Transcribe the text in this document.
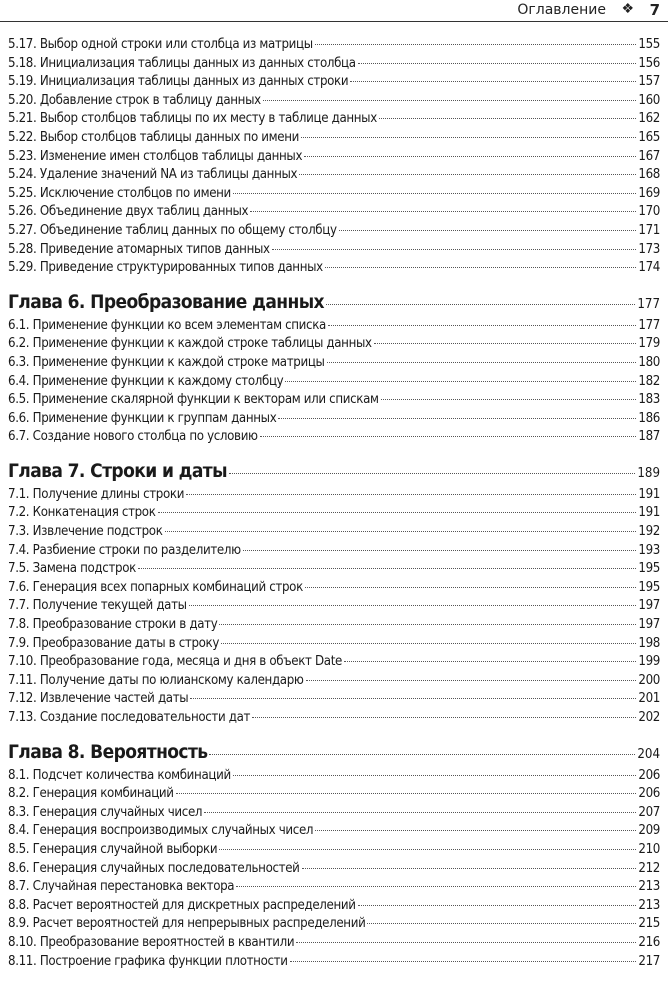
Оглавление ❖ 7
5.17. Выбор одной строки или столбца из матрицы	155
5.18. Инициализация таблицы данных из данных столбца	156
5.19. Инициализация таблицы данных из данных строки	157
5.20. Добавление строк в таблицу данных	160
5.21. Выбор столбцов таблицы по их месту в таблице данных	162
5.22. Выбор столбцов таблицы данных по имени	165
5.23. Изменение имен столбцов таблицы данных	167
5.24. Удаление значений NA из таблицы данных	168
5.25. Исключение столбцов по имени	169
5.26. Объединение двух таблиц данных	170
5.27. Объединение таблиц данных по общему столбцу	171
5.28. Приведение атомарных типов данных	173
5.29. Приведение структурированных типов данных	174
Глава 6. Преобразование данных	177
6.1. Применение функции ко всем элементам списка	177
6.2. Применение функции к каждой строке таблицы данных	179
6.3. Применение функции к каждой строке матрицы	180
6.4. Применение функции к каждому столбцу	182
6.5. Применение скалярной функции к векторам или спискам	183
6.6. Применение функции к группам данных	186
6.7. Создание нового столбца по условию	187
Глава 7. Строки и даты	189
7.1. Получение длины строки	191
7.2. Конкатенация строк	191
7.3. Извлечение подстрок	192
7.4. Разбиение строки по разделителю	193
7.5. Замена подстрок	195
7.6. Генерация всех попарных комбинаций строк	195
7.7. Получение текущей даты	197
7.8. Преобразование строки в дату	197
7.9. Преобразование даты в строку	198
7.10. Преобразование года, месяца и дня в объект Date	199
7.11. Получение даты по юлианскому календарю	200
7.12. Извлечение частей даты	201
7.13. Создание последовательности дат	202
Глава 8. Вероятность	204
8.1. Подсчет количества комбинаций	206
8.2. Генерация комбинаций	206
8.3. Генерация случайных чисел	207
8.4. Генерация воспроизводимых случайных чисел	209
8.5. Генерация случайной выборки	210
8.6. Генерация случайных последовательностей	212
8.7. Случайная перестановка вектора	213
8.8. Расчет вероятностей для дискретных распределений	213
8.9. Расчет вероятностей для непрерывных распределений	215
8.10. Преобразование вероятностей в квантили	216
8.11. Построение графика функции плотности	217
